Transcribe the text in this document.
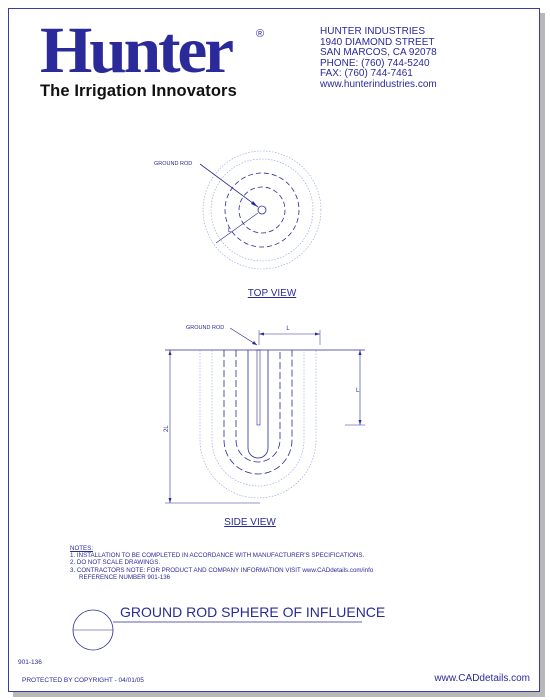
Hunter	®
The Irrigation Innovators
HUNTER INDUSTRIES
1940 DIAMOND STREET
SAN MARCOS, CA 92078
PHONE: (760) 744-5240
FAX: (760) 744-7461
www.hunterindustries.com
L
GROUND ROD
TOP VIEW
L
L
2L
GROUND ROD
SIDE VIEW
NOTES:
1. INSTALLATION TO BE COMPLETED IN ACCORDANCE WITH MANUFACTURER'S SPECIFICATIONS.
2. DO NOT SCALE DRAWINGS.
3. CONTRACTORS NOTE: FOR PRODUCT AND COMPANY INFORMATION VISIT www.CADdetails.com/info
REFERENCE NUMBER 901-136
GROUND ROD SPHERE OF INFLUENCE
901-136
PROTECTED BY COPYRIGHT - 04/01/05	www.CADdetails.com
